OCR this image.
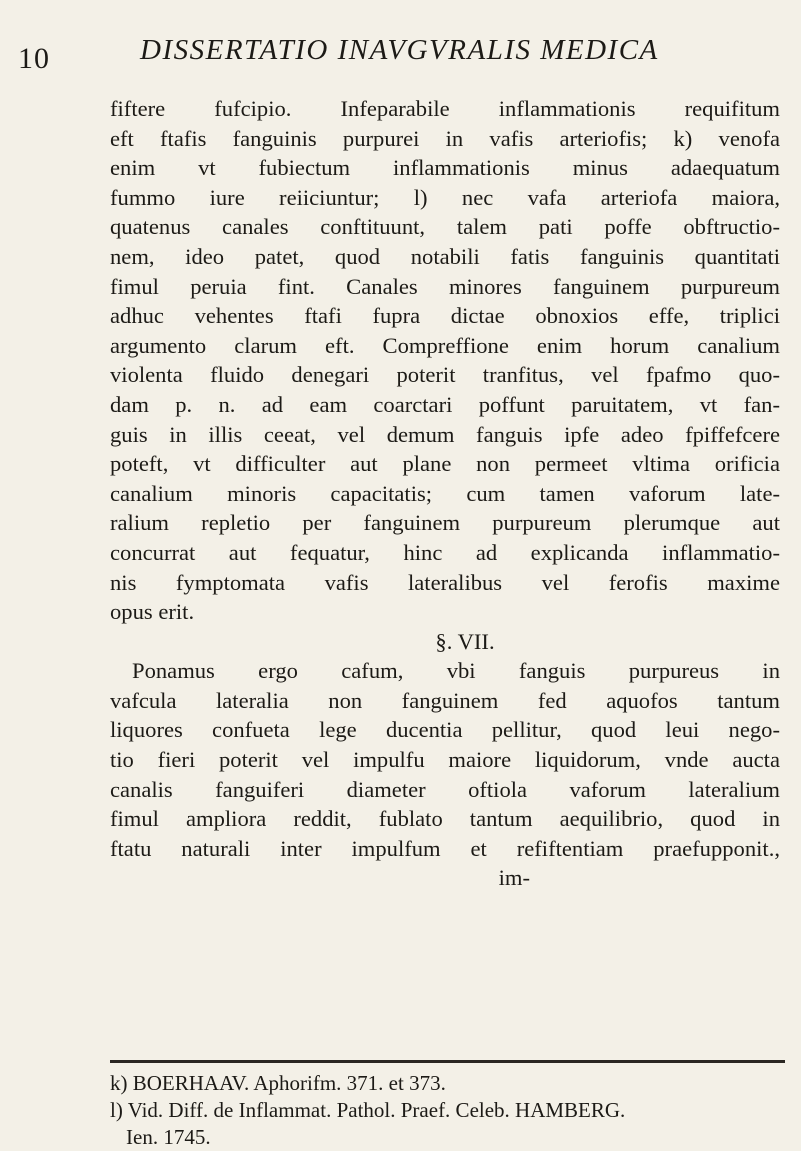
10	DISSERTATIO INAVGVRALIS MEDICA

fiftere fufcipio. Infeparabile inflammationis requifitum
eft ftafis fanguinis purpurei in vafis arteriofis; k) venofa
enim vt fubiectum inflammationis minus adaequatum
fummo iure reiiciuntur; l) nec vafa arteriofa maiora,
quatenus canales conftituunt, talem pati poffe obftructio-
nem, ideo patet, quod notabili fatis fanguinis quantitati
fimul peruia fint. Canales minores fanguinem purpureum
adhuc vehentes ftafi fupra dictae obnoxios effe, triplici
argumento clarum eft. Compreffione enim horum canalium
violenta fluido denegari poterit tranfitus, vel fpafmo quo-
dam p. n. ad eam coarctari poffunt paruitatem, vt fan-
guis in illis ceeat, vel demum fanguis ipfe adeo fpiffefcere
poteft, vt difficulter aut plane non permeet vltima orificia
canalium minoris capacitatis; cum tamen vaforum late-
ralium repletio per fanguinem purpureum plerumque aut
concurrat aut fequatur, hinc ad explicanda inflammatio-
nis fymptomata vafis lateralibus vel ferofis maxime
opus erit.

§. VII.

Ponamus ergo cafum, vbi fanguis purpureus in
vafcula lateralia non fanguinem fed aquofos tantum
liquores confueta lege ducentia pellitur, quod leui nego-
tio fieri poterit vel impulfu maiore liquidorum, vnde aucta
canalis fanguiferi diameter oftiola vaforum lateralium
fimul ampliora reddit, fublato tantum aequilibrio, quod in
ftatu naturali inter impulfum et refiftentiam praefupponit.,
im-

k) BOERHAAV. Aphorifm. 371. et 373.
l) Vid. Diff. de Inflammat. Pathol. Praef. Celeb. HAMBERG.
Ien. 1745.
